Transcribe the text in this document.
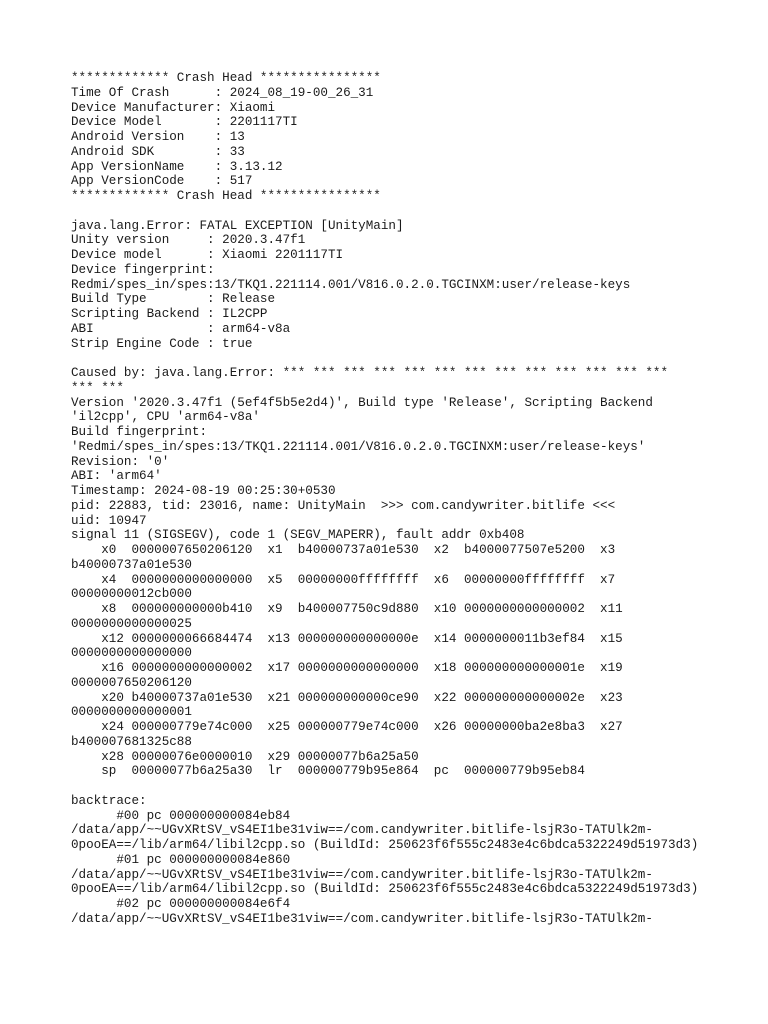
************* Crash Head ****************
Time Of Crash      : 2024_08_19-00_26_31
Device Manufacturer: Xiaomi
Device Model       : 2201117TI
Android Version    : 13
Android SDK        : 33
App VersionName    : 3.13.12
App VersionCode    : 517
************* Crash Head ****************
java.lang.Error: FATAL EXCEPTION [UnityMain]
Unity version     : 2020.3.47f1
Device model      : Xiaomi 2201117TI
Device fingerprint:
Redmi/spes_in/spes:13/TKQ1.221114.001/V816.0.2.0.TGCINXM:user/release-keys
Build Type        : Release
Scripting Backend : IL2CPP
ABI               : arm64-v8a
Strip Engine Code : true
Caused by: java.lang.Error: *** *** *** *** *** *** *** *** *** *** *** *** ***
*** ***
Version '2020.3.47f1 (5ef4f5b5e2d4)', Build type 'Release', Scripting Backend
'il2cpp', CPU 'arm64-v8a'
Build fingerprint:
'Redmi/spes_in/spes:13/TKQ1.221114.001/V816.0.2.0.TGCINXM:user/release-keys'
Revision: '0'
ABI: 'arm64'
Timestamp: 2024-08-19 00:25:30+0530
pid: 22883, tid: 23016, name: UnityMain  >>> com.candywriter.bitlife <<<
uid: 10947
signal 11 (SIGSEGV), code 1 (SEGV_MAPERR), fault addr 0xb408
x0  0000007650206120  x1  b40000737a01e530  x2  b4000077507e5200  x3
b40000737a01e530
x4  0000000000000000  x5  00000000ffffffff  x6  00000000ffffffff  x7
00000000012cb000
x8  000000000000b410  x9  b400007750c9d880  x10 0000000000000002  x11
0000000000000025
x12 0000000066684474  x13 000000000000000e  x14 0000000011b3ef84  x15
0000000000000000
x16 0000000000000002  x17 0000000000000000  x18 000000000000001e  x19
0000007650206120
x20 b40000737a01e530  x21 000000000000ce90  x22 000000000000002e  x23
0000000000000001
x24 000000779e74c000  x25 000000779e74c000  x26 00000000ba2e8ba3  x27
b400007681325c88
x28 00000076e0000010  x29 00000077b6a25a50
sp  00000077b6a25a30  lr  000000779b95e864  pc  000000779b95eb84
backtrace:
#00 pc 000000000084eb84
/data/app/~~UGvXRtSV_vS4EI1be31viw==/com.candywriter.bitlife-lsjR3o-TATUlk2m-
0pooEA==/lib/arm64/libil2cpp.so (BuildId: 250623f6f555c2483e4c6bdca5322249d51973d3)
#01 pc 000000000084e860
/data/app/~~UGvXRtSV_vS4EI1be31viw==/com.candywriter.bitlife-lsjR3o-TATUlk2m-
0pooEA==/lib/arm64/libil2cpp.so (BuildId: 250623f6f555c2483e4c6bdca5322249d51973d3)
#02 pc 000000000084e6f4
/data/app/~~UGvXRtSV_vS4EI1be31viw==/com.candywriter.bitlife-lsjR3o-TATUlk2m-
